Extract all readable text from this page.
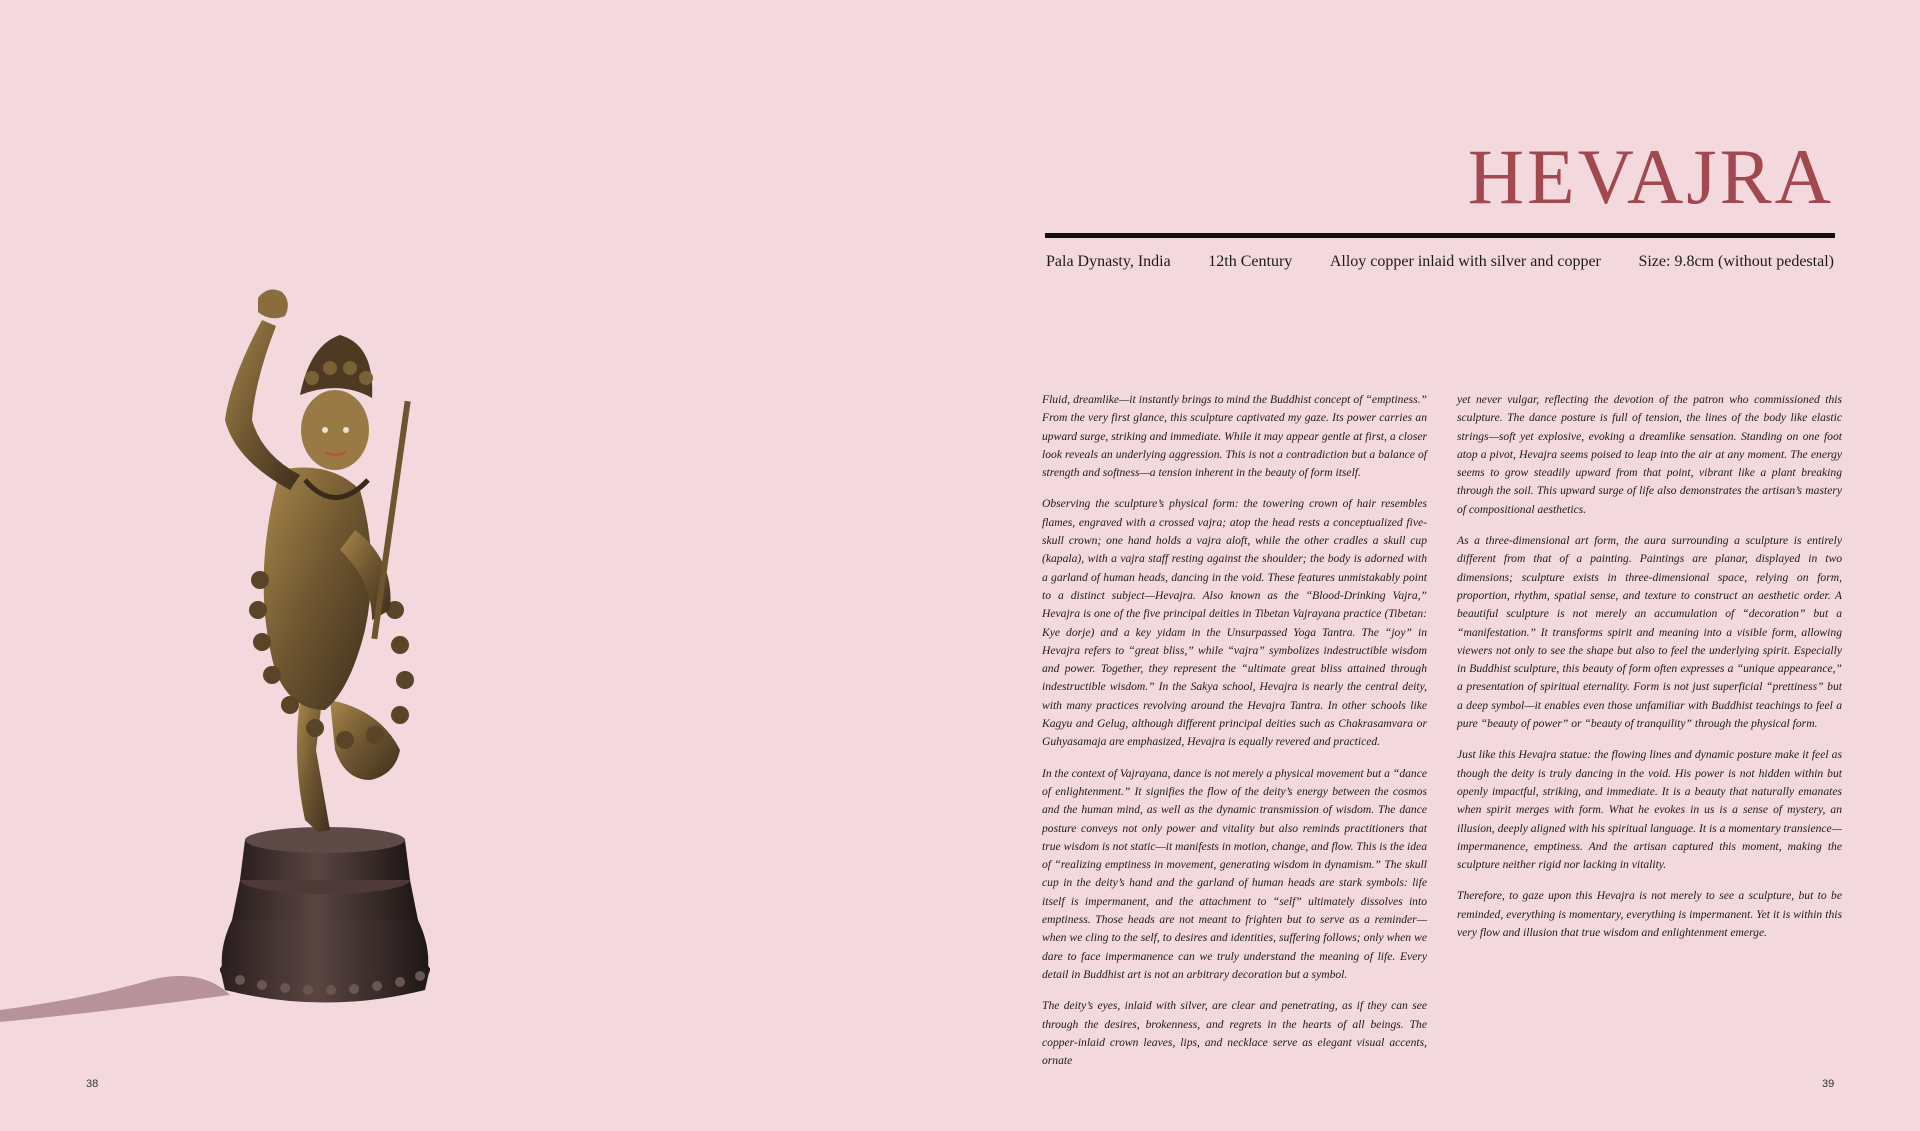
HEVAJRA
Pala Dynasty, India 12th Century Alloy copper inlaid with silver and copper Size: 9.8cm (without pedestal)

Fluid, dreamlike—it instantly brings to mind the Buddhist concept of “emptiness.” From the very first glance, this sculpture captivated my gaze. Its power carries an upward surge, striking and immediate. While it may appear gentle at first, a closer look reveals an underlying aggression. This is not a contradiction but a balance of strength and softness—a tension inherent in the beauty of form itself.

Observing the sculpture’s physical form: the towering crown of hair resembles flames, engraved with a crossed vajra; atop the head rests a conceptualized five-skull crown; one hand holds a vajra aloft, while the other cradles a skull cup (kapala), with a vajra staff resting against the shoulder; the body is adorned with a garland of human heads, dancing in the void. These features unmistakably point to a distinct subject—Hevajra. Also known as the “Blood-Drinking Vajra,” Hevajra is one of the five principal deities in Tibetan Vajrayana practice (Tibetan: Kye dorje) and a key yidam in the Unsurpassed Yoga Tantra. The “joy” in Hevajra refers to “great bliss,” while “vajra” symbolizes indestructible wisdom and power. Together, they represent the “ultimate great bliss attained through indestructible wisdom.” In the Sakya school, Hevajra is nearly the central deity, with many practices revolving around the Hevajra Tantra. In other schools like Kagyu and Gelug, although different principal deities such as Chakrasamvara or Guhyasamaja are emphasized, Hevajra is equally revered and practiced.

In the context of Vajrayana, dance is not merely a physical movement but a “dance of enlightenment.” It signifies the flow of the deity’s energy between the cosmos and the human mind, as well as the dynamic transmission of wisdom. The dance posture conveys not only power and vitality but also reminds practitioners that true wisdom is not static—it manifests in motion, change, and flow. This is the idea of “realizing emptiness in movement, generating wisdom in dynamism.” The skull cup in the deity’s hand and the garland of human heads are stark symbols: life itself is impermanent, and the attachment to “self” ultimately dissolves into emptiness. Those heads are not meant to frighten but to serve as a reminder—when we cling to the self, to desires and identities, suffering follows; only when we dare to face impermanence can we truly understand the meaning of life. Every detail in Buddhist art is not an arbitrary decoration but a symbol.

The deity’s eyes, inlaid with silver, are clear and penetrating, as if they can see through the desires, brokenness, and regrets in the hearts of all beings. The copper-inlaid crown leaves, lips, and necklace serve as elegant visual accents, ornate

yet never vulgar, reflecting the devotion of the patron who commissioned this sculpture. The dance posture is full of tension, the lines of the body like elastic strings—soft yet explosive, evoking a dreamlike sensation. Standing on one foot atop a pivot, Hevajra seems poised to leap into the air at any moment. The energy seems to grow steadily upward from that point, vibrant like a plant breaking through the soil. This upward surge of life also demonstrates the artisan’s mastery of compositional aesthetics.

As a three-dimensional art form, the aura surrounding a sculpture is entirely different from that of a painting. Paintings are planar, displayed in two dimensions; sculpture exists in three-dimensional space, relying on form, proportion, rhythm, spatial sense, and texture to construct an aesthetic order. A beautiful sculpture is not merely an accumulation of “decoration” but a “manifestation.” It transforms spirit and meaning into a visible form, allowing viewers not only to see the shape but also to feel the underlying spirit. Especially in Buddhist sculpture, this beauty of form often expresses a “unique appearance,” a presentation of spiritual eternality. Form is not just superficial “prettiness” but a deep symbol—it enables even those unfamiliar with Buddhist teachings to feel a pure “beauty of power” or “beauty of tranquility” through the physical form.

Just like this Hevajra statue: the flowing lines and dynamic posture make it feel as though the deity is truly dancing in the void. His power is not hidden within but openly impactful, striking, and immediate. It is a beauty that naturally emanates when spirit merges with form. What he evokes in us is a sense of mystery, an illusion, deeply aligned with his spiritual language. It is a momentary transience—impermanence, emptiness. And the artisan captured this moment, making the sculpture neither rigid nor lacking in vitality.

Therefore, to gaze upon this Hevajra is not merely to see a sculpture, but to be reminded, everything is momentary, everything is impermanent. Yet it is within this very flow and illusion that true wisdom and enlightenment emerge.

38	39
